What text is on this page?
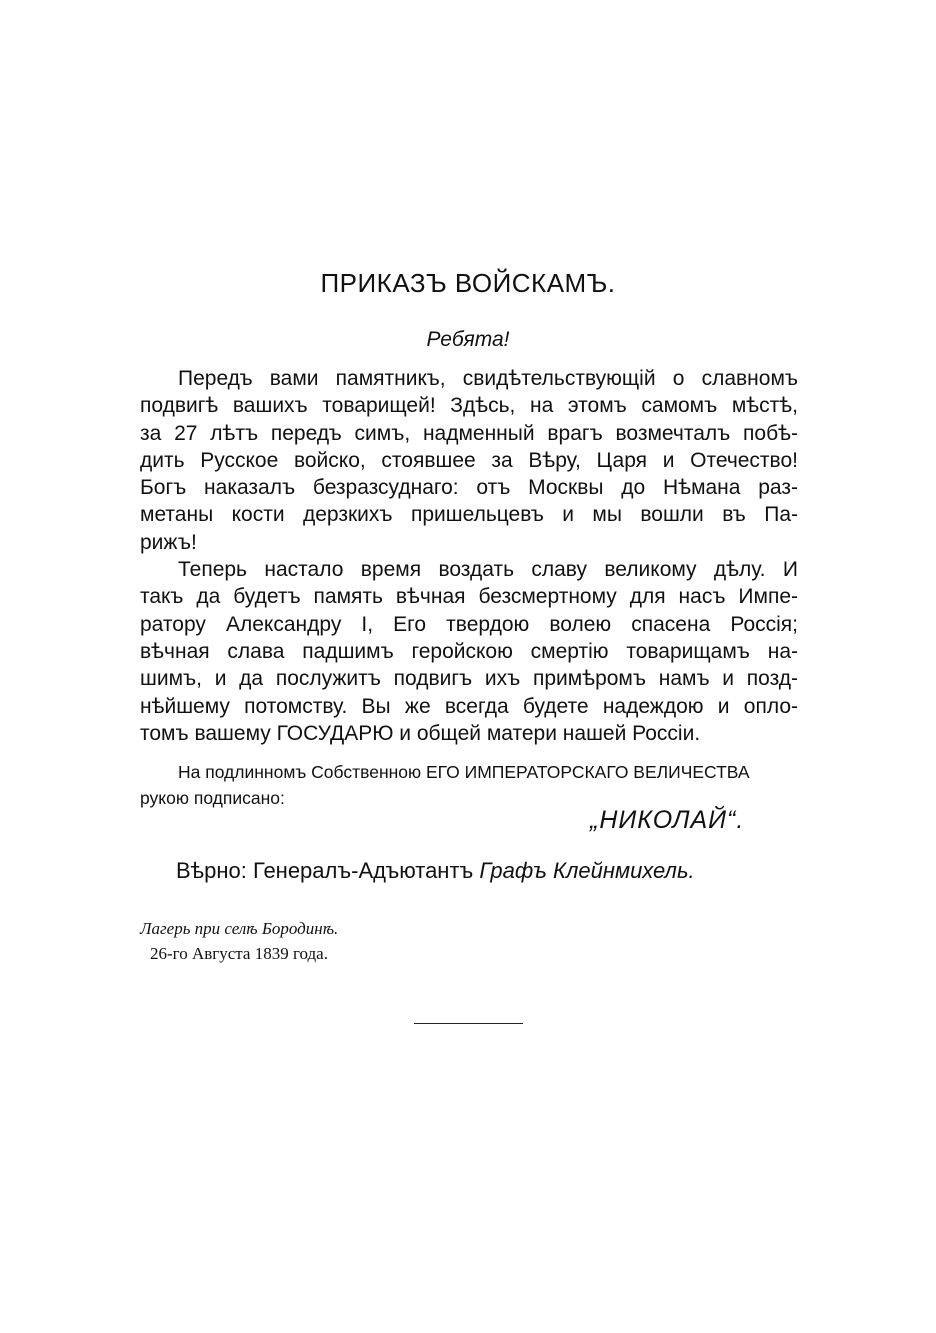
ПРИКАЗЪ ВОЙСКАМЪ.
Ребята!
Передъ вами памятникъ, свидѣтельствующій о славномъ
подвигѣ вашихъ товарищей! Здѣсь, на этомъ самомъ мѣстѣ,
за 27 лѣтъ передъ симъ, надменный врагъ возмечталъ побѣ-
дить Русское войско, стоявшее за Вѣру, Царя и Отечество!
Богъ наказалъ безразсуднаго: отъ Москвы до Нѣмана раз-
метаны кости дерзкихъ пришельцевъ и мы вошли въ Па-
рижъ!
Теперь настало время воздать славу великому дѣлу. И
такъ да будетъ память вѣчная безсмертному для насъ Импе-
ратору Александру I, Его твердою волею спасена Россія;
вѣчная слава падшимъ геройскою смертію товарищамъ на-
шимъ, и да послужитъ подвигъ ихъ примѣромъ намъ и позд-
нѣйшему потомству. Вы же всегда будете надеждою и опло-
томъ вашему ГОСУДАРЮ и общей матери нашей Россіи.
На подлинномъ Собственною ЕГО ИМПЕРАТОРСКАГО ВЕЛИЧЕСТВА
рукою подписано:
„НИКОЛАЙ“.
Вѣрно: Генералъ-Адъютантъ Графъ Клейнмихель.
Лагерь при селѣ Бородинѣ.
26-го Августа 1839 года.
